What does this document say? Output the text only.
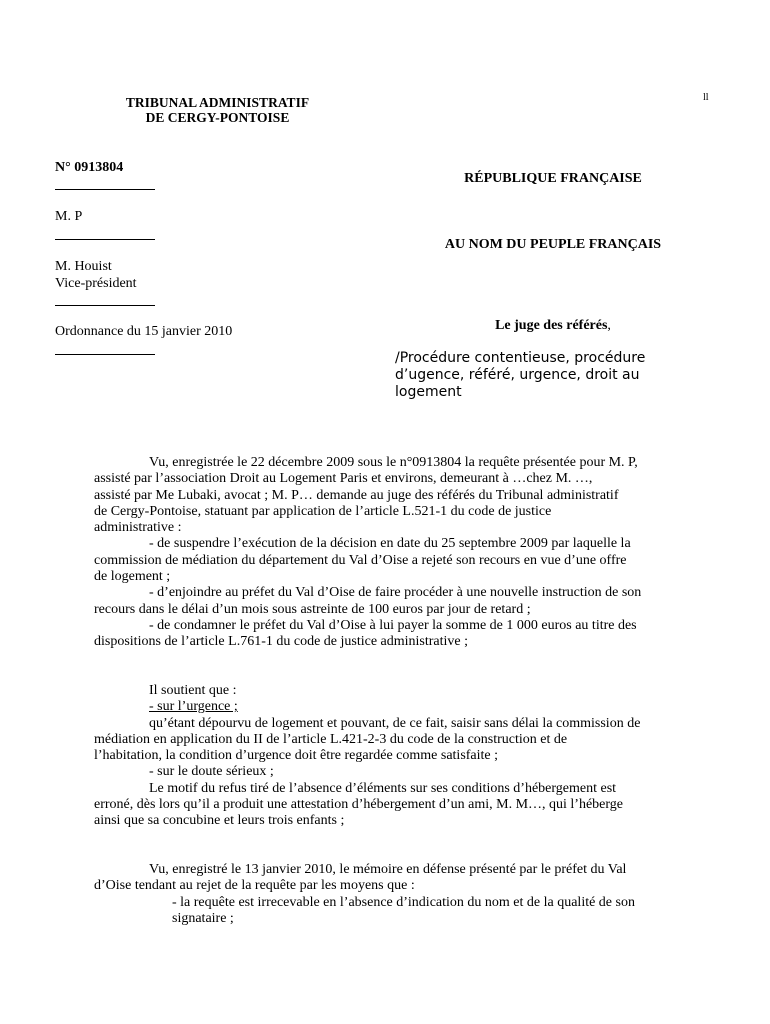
TRIBUNAL ADMINISTRATIF
DE CERGY-PONTOISE
ll
N° 0913804
M. P
M. Houist
Vice-président
Ordonnance du 15 janvier 2010
RÉPUBLIQUE FRANÇAISE
AU NOM DU PEUPLE FRANÇAIS
Le juge des référés,
/Procédure contentieuse, procédure
d’ugence, référé, urgence, droit au
logement

Vu, enregistrée le 22 décembre 2009 sous le n°0913804 la requête présentée pour M. P,

assisté par l’association Droit au Logement Paris et environs, demeurant à …chez M. …,

assisté par Me Lubaki, avocat ; M. P… demande au juge des référés du Tribunal administratif

de Cergy-Pontoise, statuant par application de l’article L.521-1 du code de justice

administrative :

- de suspendre l’exécution de la décision en date du 25 septembre 2009 par laquelle la

commission de médiation du département du Val d’Oise a rejeté son recours en vue d’une offre

de logement ;

- d’enjoindre au préfet du Val d’Oise de faire procéder à une nouvelle instruction de son

recours dans le délai d’un mois sous astreinte de 100 euros par jour de retard ;

- de condamner le préfet du Val d’Oise à lui payer la somme de 1 000 euros au titre des

dispositions de l’article L.761-1 du code de justice administrative ;

Il soutient que :

- sur l’urgence ;

qu’étant dépourvu de logement et pouvant, de ce fait, saisir sans délai la commission de

médiation en application du II de l’article L.421-2-3 du code de la construction et de

l’habitation, la condition d’urgence doit être regardée comme satisfaite ;

- sur le doute sérieux ;

Le motif du refus tiré de l’absence d’éléments sur ses conditions d’hébergement est

erroné, dès lors qu’il a produit une attestation d’hébergement d’un ami, M. M…, qui l’héberge

ainsi que sa concubine et leurs trois enfants ;

Vu, enregistré le 13 janvier 2010, le mémoire en défense présenté par le préfet du Val

d’Oise tendant au rejet de la requête par les moyens que :

- la requête est irrecevable en l’absence d’indication du nom et de la qualité de son

signataire ;
